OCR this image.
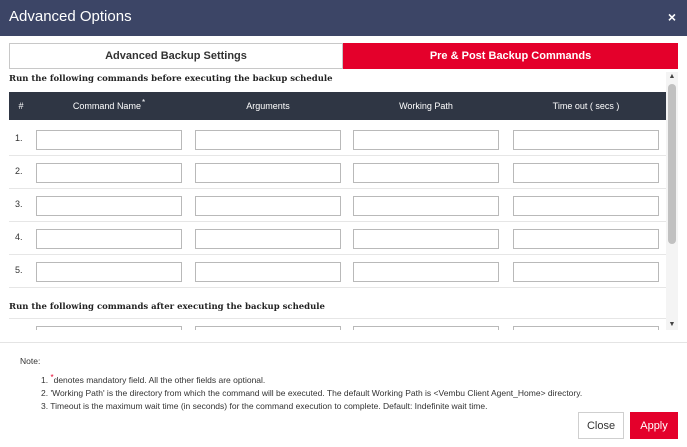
Advanced Options	×
Advanced Backup Settings	Pre & Post Backup Commands
Run the following commands before executing the backup schedule
#	Command Name*	Arguments	Working Path	Time out ( secs )
1.
2.
3.
4.
5.
Run the following commands after executing the backup schedule
▲
▼
Note:
1. *denotes mandatory field. All the other fields are optional.
2. 'Working Path' is the directory from which the command will be executed. The default Working Path is <Vembu Client Agent_Home> directory.
3. Timeout is the maximum wait time (in seconds) for the command execution to complete. Default: Indefinite wait time.
Close	Apply
